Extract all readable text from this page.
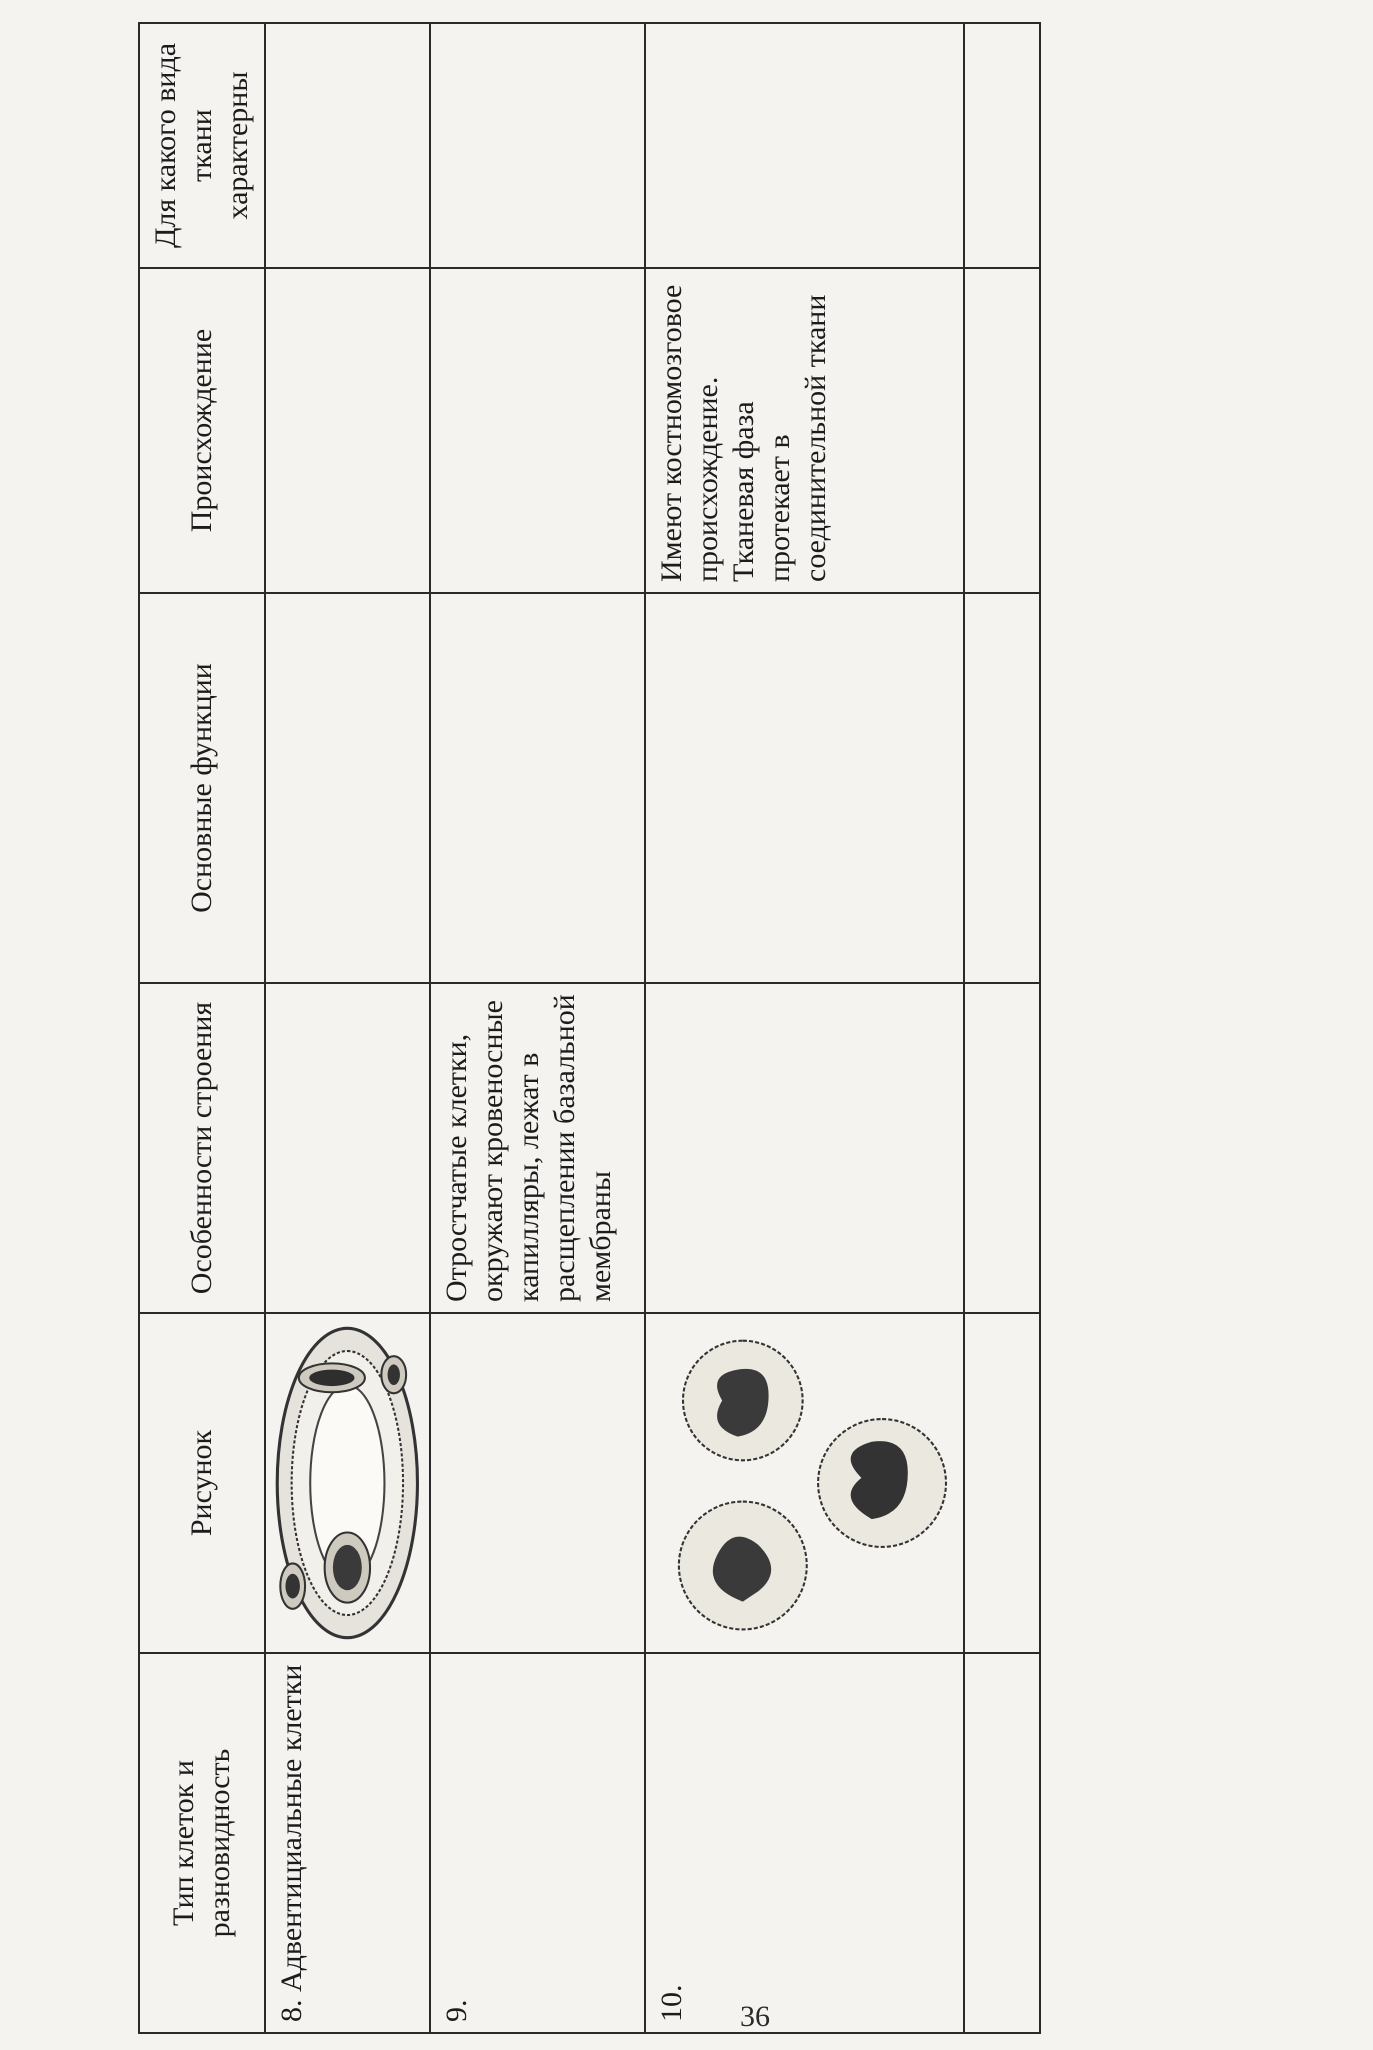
Тип клеток и разновидность	Рисунок	Особенности строения	Основные функции	Происхождение	Для какого вида ткани характерны
8. Адвентициальные клетки	

9.		Отростчатые клетки, окружают кровеносные капилляры, лежат в расщеплении базальной мембраны			
10.				Имеют костномозговое происхождение. Тканевая фаза протекает в соединительной ткани	

36
